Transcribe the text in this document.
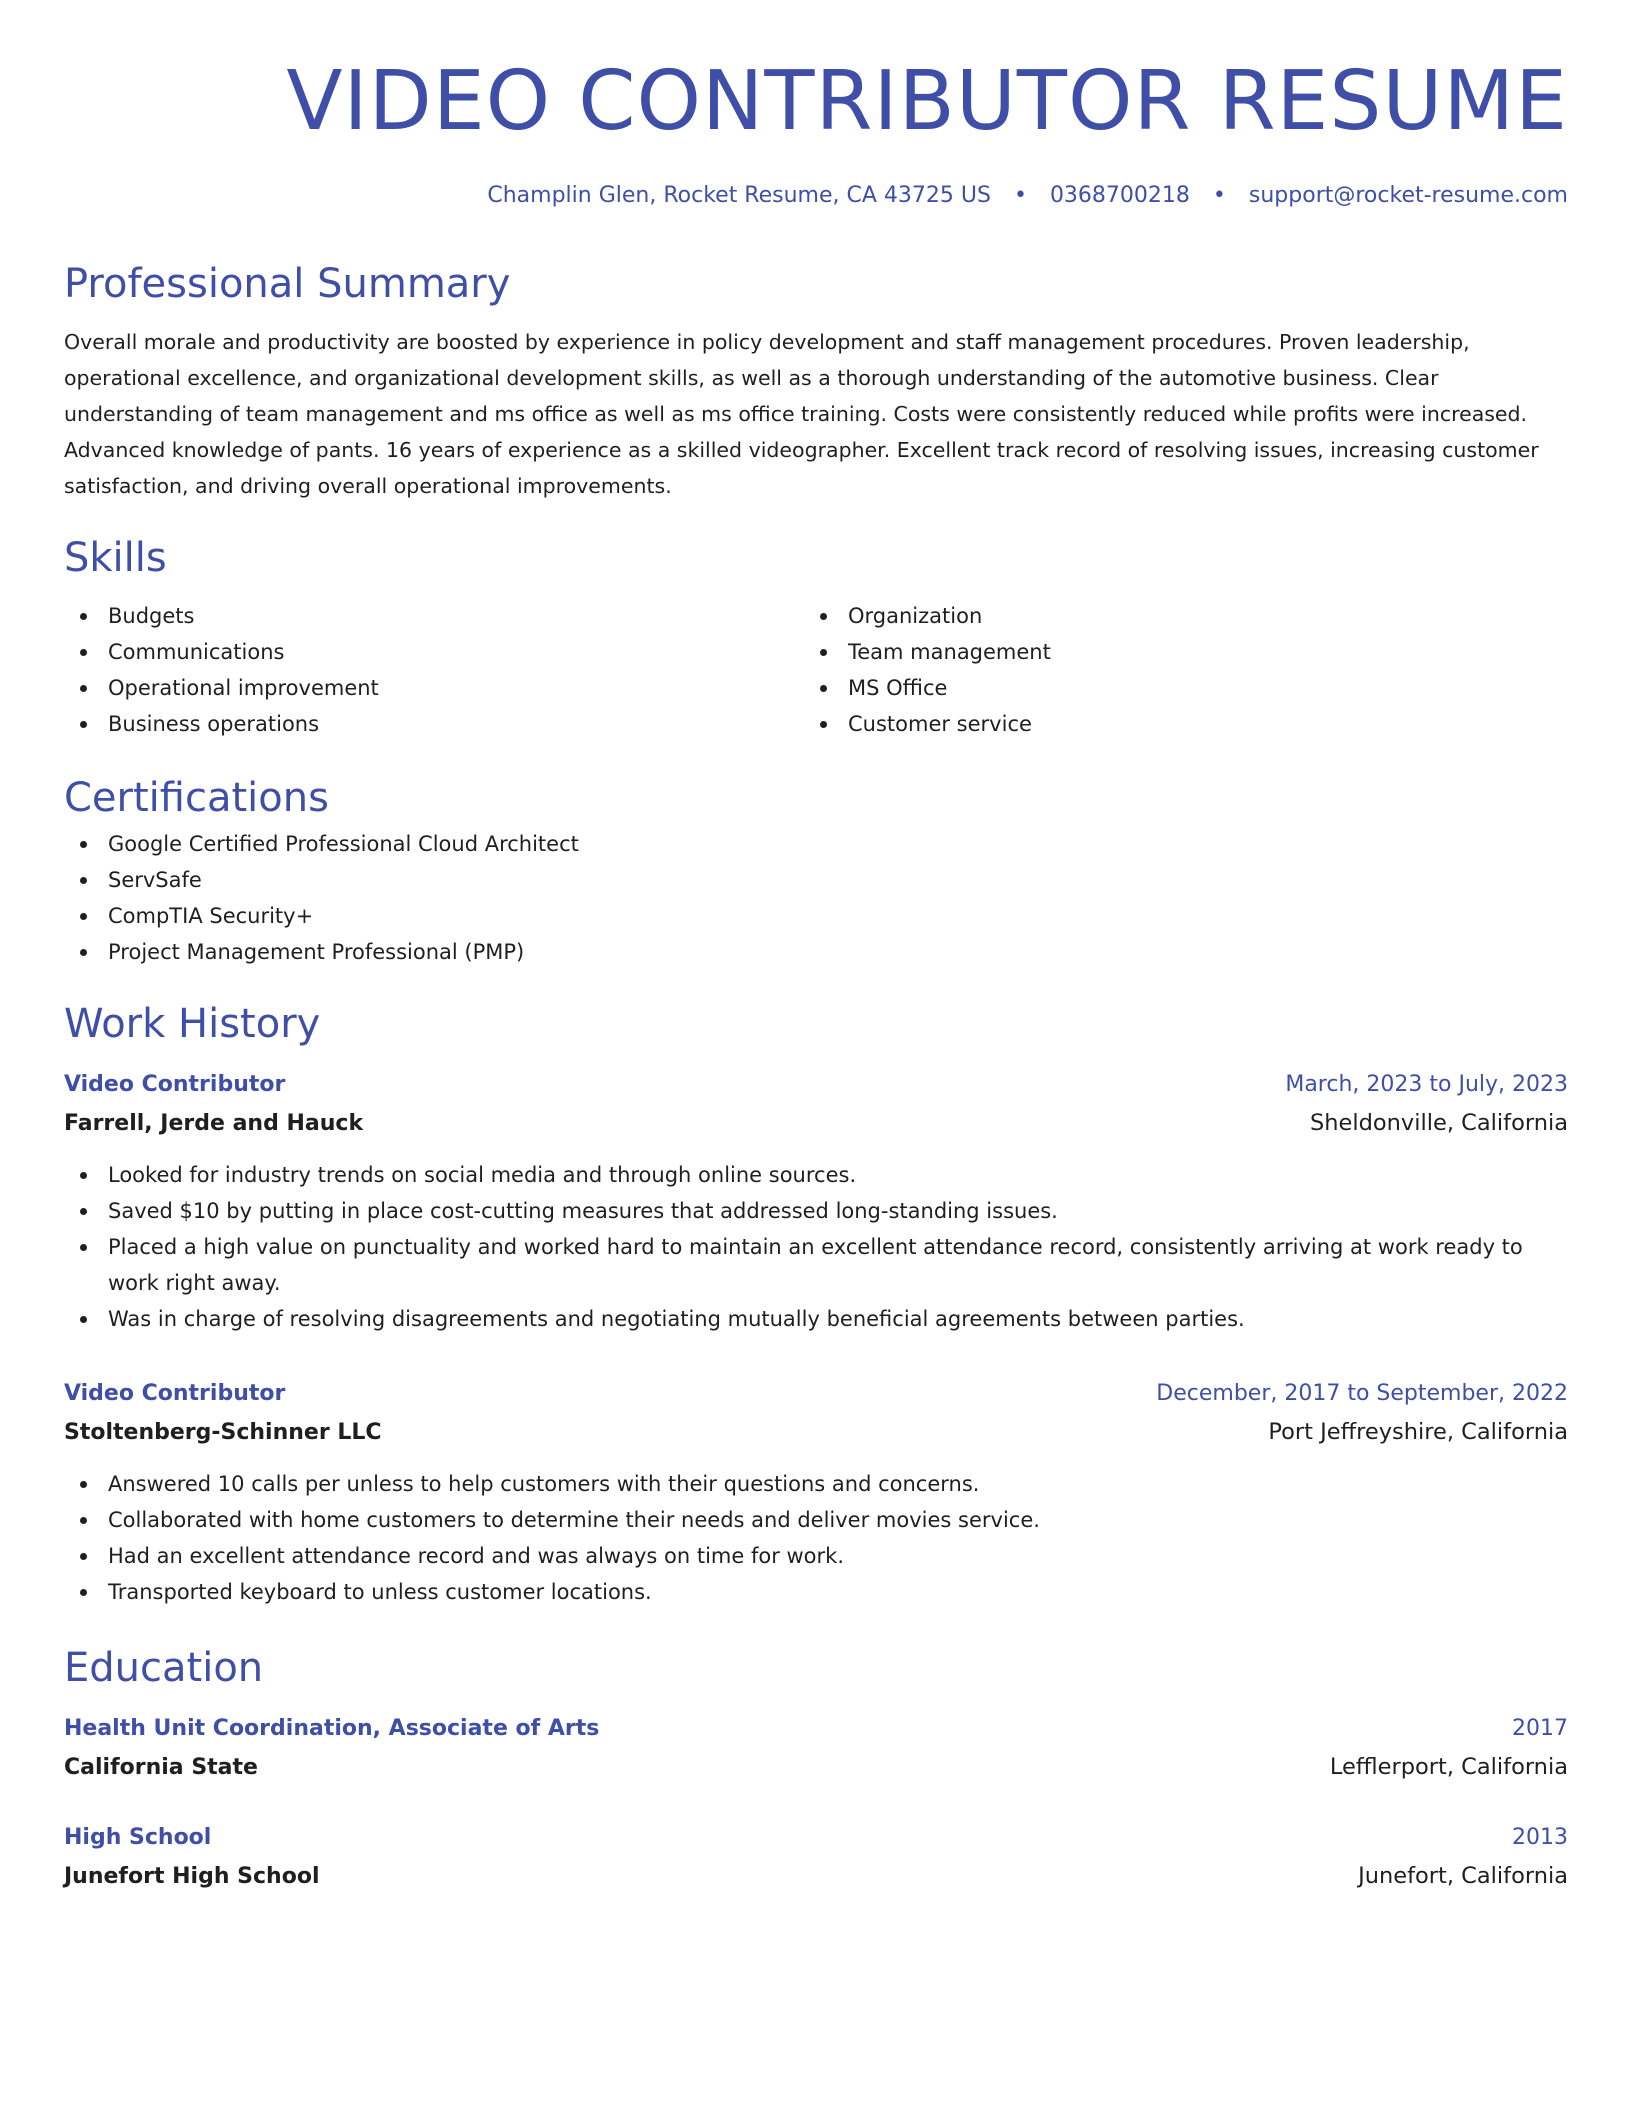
VIDEO CONTRIBUTOR RESUME
Champlin Glen, Rocket Resume, CA 43725 US • 0368700218 • support@rocket-resume.com
Professional Summary
Overall morale and productivity are boosted by experience in policy development and staff management procedures. Proven leadership, operational excellence, and organizational development skills, as well as a thorough understanding of the automotive business. Clear understanding of team management and ms office as well as ms office training. Costs were consistently reduced while profits were increased. Advanced knowledge of pants. 16 years of experience as a skilled videographer. Excellent track record of resolving issues, increasing customer satisfaction, and driving overall operational improvements.
Skills
Budgets
Communications
Operational improvement
Business operations
Organization
Team management
MS Office
Customer service
Certifications
Google Certified Professional Cloud Architect
ServSafe
CompTIA Security+
Project Management Professional (PMP)
Work History
Video Contributor	March, 2023 to July, 2023
Farrell, Jerde and Hauck	Sheldonville, California
Looked for industry trends on social media and through online sources.
Saved $10 by putting in place cost-cutting measures that addressed long-standing issues.
Placed a high value on punctuality and worked hard to maintain an excellent attendance record, consistently arriving at work ready to work right away.
Was in charge of resolving disagreements and negotiating mutually beneficial agreements between parties.
Video Contributor	December, 2017 to September, 2022
Stoltenberg-Schinner LLC	Port Jeffreyshire, California
Answered 10 calls per unless to help customers with their questions and concerns.
Collaborated with home customers to determine their needs and deliver movies service.
Had an excellent attendance record and was always on time for work.
Transported keyboard to unless customer locations.
Education
Health Unit Coordination, Associate of Arts	2017
California State	Lefflerport, California
High School	2013
Junefort High School	Junefort, California
